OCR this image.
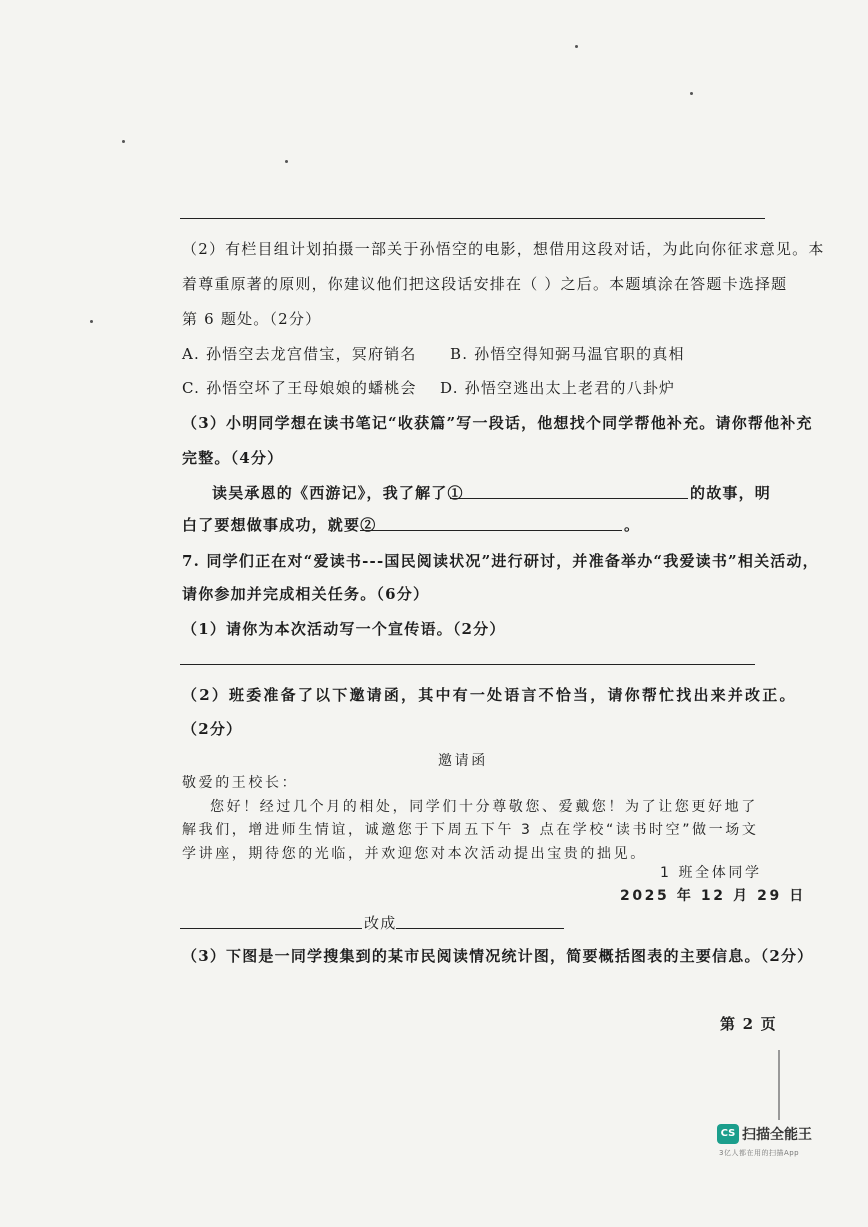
（2）有栏目组计划拍摄一部关于孙悟空的电影，想借用这段对话，为此向你征求意见。本
着尊重原著的原则，你建议他们把这段话安排在（ ）之后。本题填涂在答题卡选择题
第 6 题处。（2分）
A. 孙悟空去龙宫借宝，冥府销名 B. 孙悟空得知弼马温官职的真相
C. 孙悟空坏了王母娘娘的蟠桃会 D. 孙悟空逃出太上老君的八卦炉
（3）小明同学想在读书笔记“收获篇”写一段话，他想找个同学帮他补充。请你帮他补充
完整。（4分）
读吴承恩的《西游记》，我了解了①	的故事，明
白了要想做事成功，就要②	。
7. 同学们正在对“爱读书---国民阅读状况”进行研讨，并准备举办“我爱读书”相关活动，
请你参加并完成相关任务。（6分）
（1）请你为本次活动写一个宣传语。（2分）
（2）班委准备了以下邀请函，其中有一处语言不恰当，请你帮忙找出来并改正。
（2分）
邀请函
敬爱的王校长：
您好！经过几个月的相处，同学们十分尊敬您、爱戴您！为了让您更好地了
解我们，增进师生情谊，诚邀您于下周五下午 3 点在学校“读书时空”做一场文
学讲座，期待您的光临，并欢迎您对本次活动提出宝贵的拙见。
1 班全体同学
2025 年 12 月 29 日
改成
（3）下图是一同学搜集到的某市民阅读情况统计图，简要概括图表的主要信息。（2分）
第 2 页
CS 扫描全能王
3亿人都在用的扫描App
